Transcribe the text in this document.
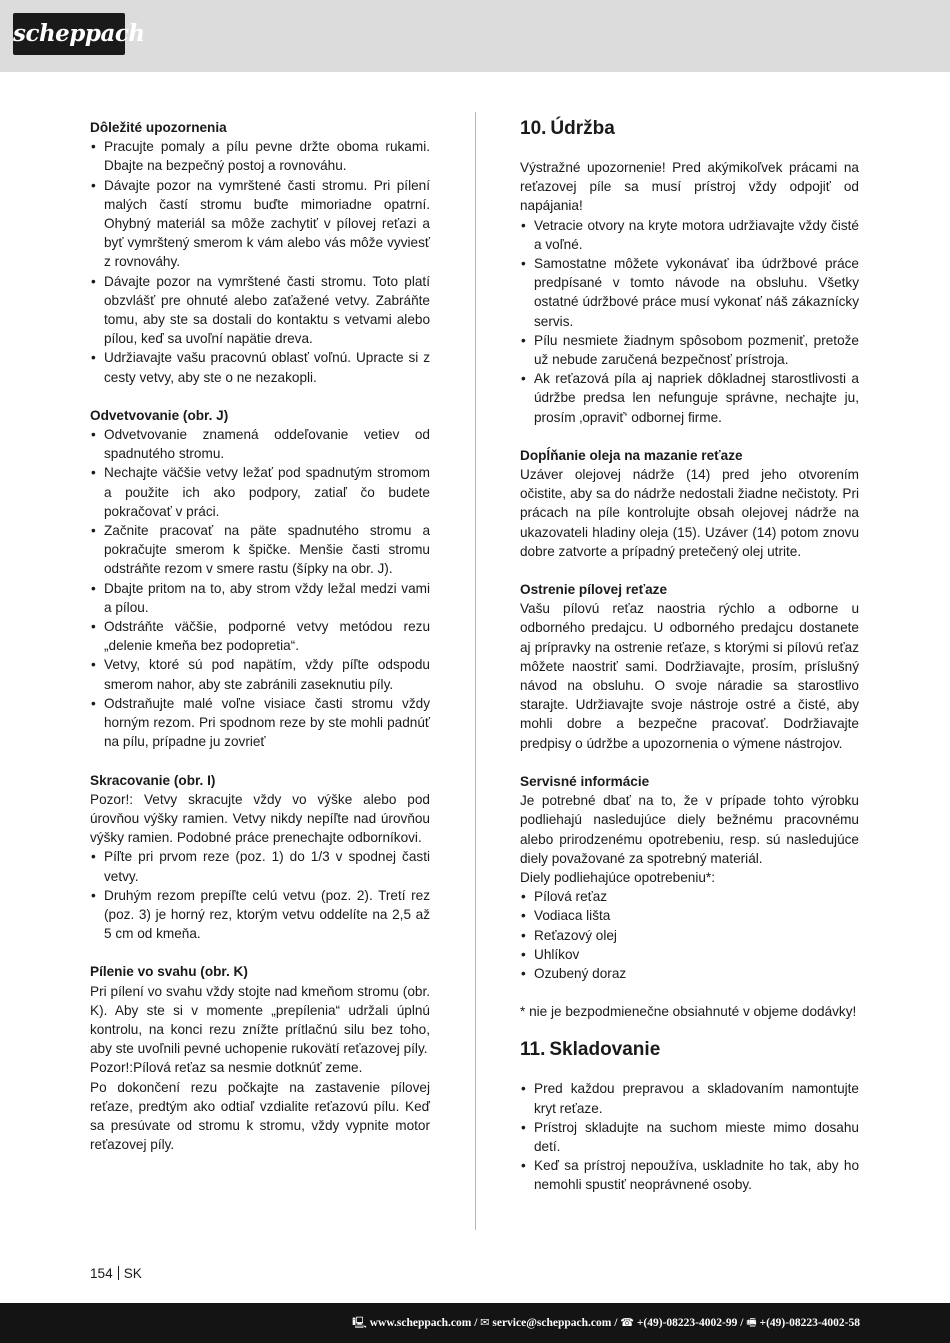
scheppach
Dôležité upozornenia
• Pracujte pomaly a pílu pevne držte oboma rukami. Dbajte na bezpečný postoj a rovnováhu.
• Dávajte pozor na vymrštené časti stromu. Pri pílení malých častí stromu buďte mimoriadne opatrní. Ohybný materiál sa môže zachytiť v pílovej reťazi a byť vymrštený smerom k vám alebo vás môže vyviesť z rovnováhy.
• Dávajte pozor na vymrštené časti stromu. Toto platí obzvlášť pre ohnuté alebo zaťažené vetvy. Zabráňte tomu, aby ste sa dostali do kontaktu s vetvami alebo pílou, keď sa uvoľní napätie dreva.
• Udržiavajte vašu pracovnú oblasť voľnú. Upracte si z cesty vetvy, aby ste o ne nezakopli.
Odvetvovanie (obr. J)
• Odvetvovanie znamená oddeľovanie vetiev od spadnutého stromu.
• Nechajte väčšie vetvy ležať pod spadnutým stromom a použite ich ako podpory, zatiaľ čo budete pokračovať v práci.
• Začnite pracovať na päte spadnutého stromu a pokračujte smerom k špičke. Menšie časti stromu odstráňte rezom v smere rastu (šípky na obr. J).
• Dbajte pritom na to, aby strom vždy ležal medzi vami a pílou.
• Odstráňte väčšie, podporné vetvy metódou rezu „delenie kmeňa bez podopretia“.
• Vetvy, ktoré sú pod napätím, vždy píľte odspodu smerom nahor, aby ste zabránili zaseknutiu píly.
• Odstraňujte malé voľne visiace časti stromu vždy horným rezom. Pri spodnom reze by ste mohli padnúť na pílu, prípadne ju zovrieť
Skracovanie (obr. I)

Pozor!: Vetvy skracujte vždy vo výške alebo pod úrovňou výšky ramien. Vetvy nikdy nepíľte nad úrovňou výšky ramien. Podobné práce prenechajte odborníkovi.

• Píľte pri prvom reze (poz. 1) do 1/3 v spodnej časti vetvy.
• Druhým rezom prepíľte celú vetvu (poz. 2). Tretí rez (poz. 3) je horný rez, ktorým vetvu oddelíte na 2,5 až 5 cm od kmeňa.
Pílenie vo svahu (obr. K)

Pri pílení vo svahu vždy stojte nad kmeňom stromu (obr. K). Aby ste si v momente „prepílenia“ udržali úplnú kontrolu, na konci rezu znížte prítlačnú silu bez toho, aby ste uvoľnili pevné uchopenie rukovätí reťazovej píly.

Pozor!:Pílová reťaz sa nesmie dotknúť zeme.

Po dokončení rezu počkajte na zastavenie pílovej reťaze, predtým ako odtiaľ vzdialite reťazovú pílu. Keď sa presúvate od stromu k stromu, vždy vypnite motor reťazovej píly.

10. Údržba

Výstražné upozornenie! Pred akýmikoľvek prácami na reťazovej píle sa musí prístroj vždy odpojiť od napájania!

• Vetracie otvory na kryte motora udržiavajte vždy čisté a voľné.
• Samostatne môžete vykonávať iba údržbové práce predpísané v tomto návode na obsluhu. Všetky ostatné údržbové práce musí vykonať náš zákaznícky servis.
• Pílu nesmiete žiadnym spôsobom pozmeniť, pretože už nebude zaručená bezpečnosť prístroja.
• Ak reťazová píla aj napriek dôkladnej starostlivosti a údržbe predsa len nefunguje správne, nechajte ju, prosím ‚opraviť‘ odbornej firme.
Dopĺňanie oleja na mazanie reťaze

Uzáver olejovej nádrže (14) pred jeho otvorením očistite, aby sa do nádrže nedostali žiadne nečistoty. Pri prácach na píle kontrolujte obsah olejovej nádrže na ukazovateli hladiny oleja (15). Uzáver (14) potom znovu dobre zatvorte a prípadný pretečený olej utrite.

Ostrenie pílovej reťaze

Vašu pílovú reťaz naostria rýchlo a odborne u odborného predajcu. U odborného predajcu dostanete aj prípravky na ostrenie reťaze, s ktorými si pílovú reťaz môžete naostriť sami. Dodržiavajte, prosím, príslušný návod na obsluhu. O svoje náradie sa starostlivo starajte. Udržiavajte svoje nástroje ostré a čisté, aby mohli dobre a bezpečne pracovať. Dodržiavajte predpisy o údržbe a upozornenia o výmene nástrojov.

Servisné informácie

Je potrebné dbať na to, že v prípade tohto výrobku podliehajú nasledujúce diely bežnému pracovnému alebo prirodzenému opotrebeniu, resp. sú nasledujúce diely považované za spotrebný materiál.

Diely podliehajúce opotrebeniu*:

• Pílová reťaz
• Vodiaca lišta
• Reťazový olej
• Uhlíkov
• Ozubený doraz

* nie je bezpodmienečne obsiahnuté v objeme dodávky!

11. Skladovanie
• Pred každou prepravou a skladovaním namontujte kryt reťaze.
• Prístroj skladujte na suchom mieste mimo dosahu detí.
• Keď sa prístroj nepoužíva, uskladnite ho tak, aby ho nemohli spustiť neoprávnené osoby.
154 SK
🖳 www.scheppach.com / ✉ service@scheppach.com / ☎ +(49)-08223-4002-99 / 🖷 +(49)-08223-4002-58
